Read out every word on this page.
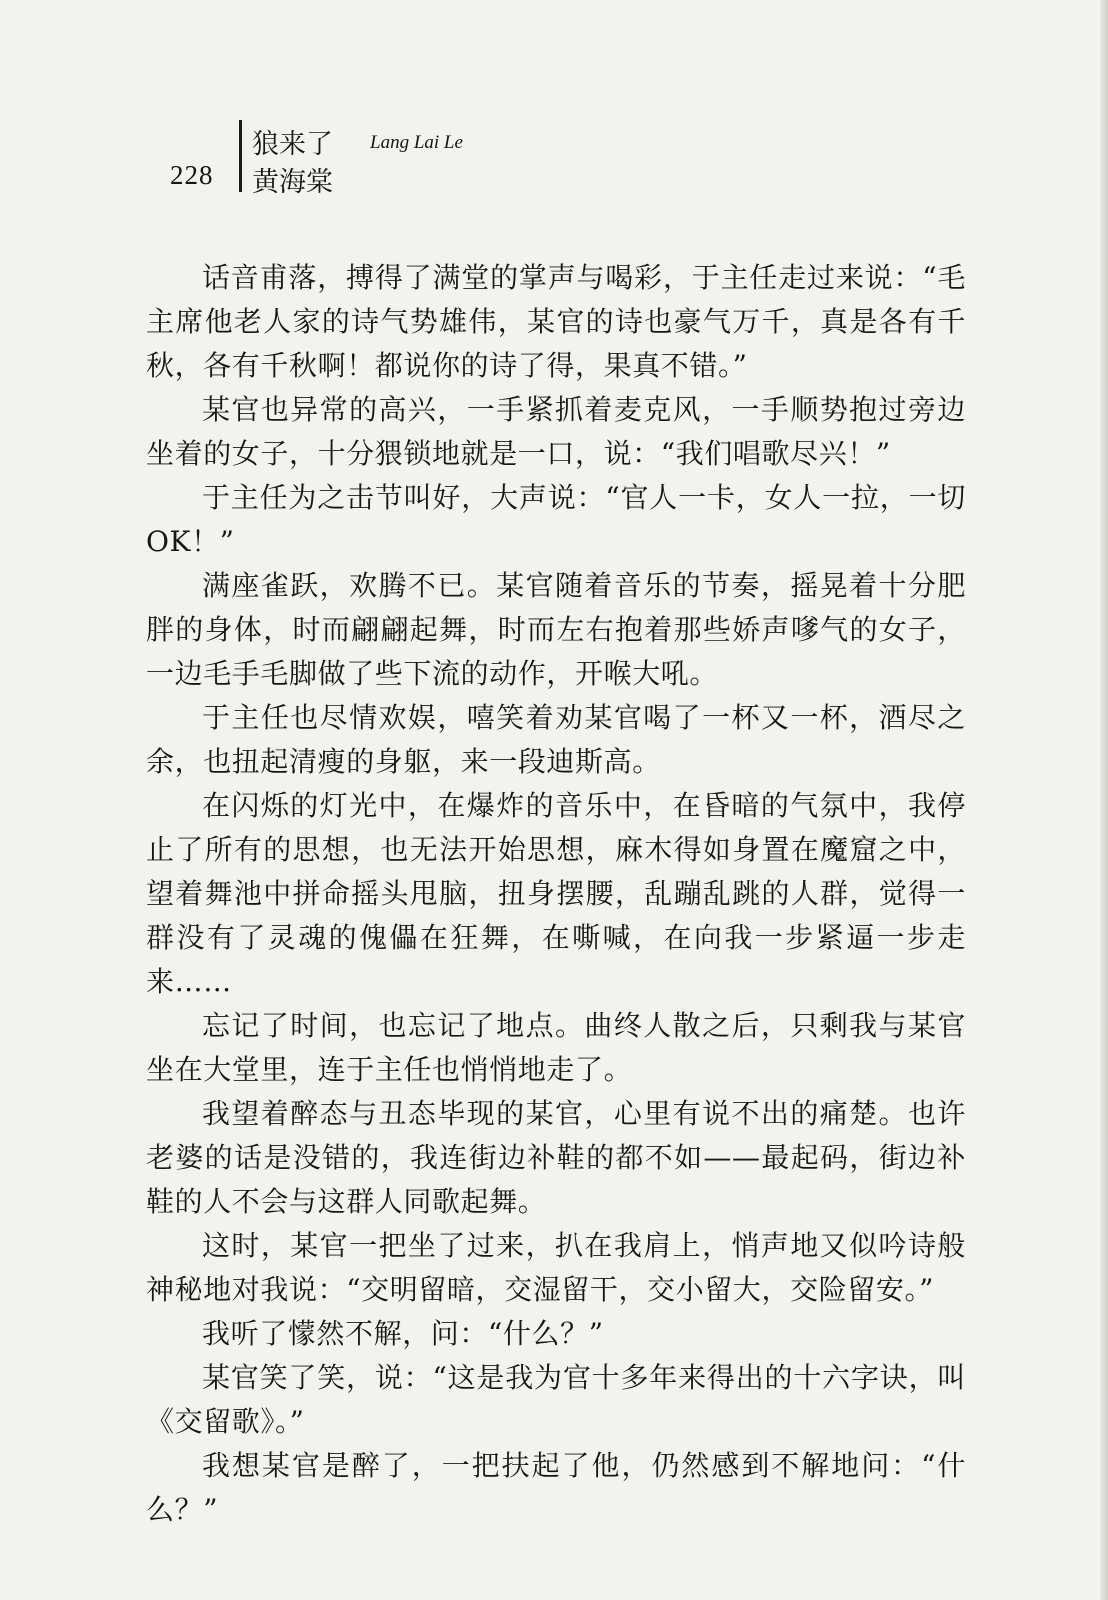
228
狼来了 Lang Lai Le
黄海棠

话音甫落，搏得了满堂的掌声与喝彩，于主任走过来说：“毛主席他老人家的诗气势雄伟，某官的诗也豪气万千，真是各有千秋，各有千秋啊！都说你的诗了得，果真不错。”

某官也异常的高兴，一手紧抓着麦克风，一手顺势抱过旁边坐着的女子，十分猥锁地就是一口，说：“我们唱歌尽兴！”

于主任为之击节叫好，大声说：“官人一卡，女人一拉，一切OK！”

满座雀跃，欢腾不已。某官随着音乐的节奏，摇晃着十分肥胖的身体，时而翩翩起舞，时而左右抱着那些娇声嗲气的女子，一边毛手毛脚做了些下流的动作，开喉大吼。

于主任也尽情欢娱，嘻笑着劝某官喝了一杯又一杯，酒尽之余，也扭起清瘦的身躯，来一段迪斯高。

在闪烁的灯光中，在爆炸的音乐中，在昏暗的气氛中，我停止了所有的思想，也无法开始思想，麻木得如身置在魔窟之中，望着舞池中拼命摇头甩脑，扭身摆腰，乱蹦乱跳的人群，觉得一群没有了灵魂的傀儡在狂舞，在嘶喊，在向我一步紧逼一步走来……

忘记了时间，也忘记了地点。曲终人散之后，只剩我与某官坐在大堂里，连于主任也悄悄地走了。

我望着醉态与丑态毕现的某官，心里有说不出的痛楚。也许老婆的话是没错的，我连街边补鞋的都不如——最起码，街边补鞋的人不会与这群人同歌起舞。

这时，某官一把坐了过来，扒在我肩上，悄声地又似吟诗般神秘地对我说：“交明留暗，交湿留干，交小留大，交险留安。”

我听了懞然不解，问：“什么？”

某官笑了笑，说：“这是我为官十多年来得出的十六字诀，叫《交留歌》。”

我想某官是醉了，一把扶起了他，仍然感到不解地问：“什么？”
